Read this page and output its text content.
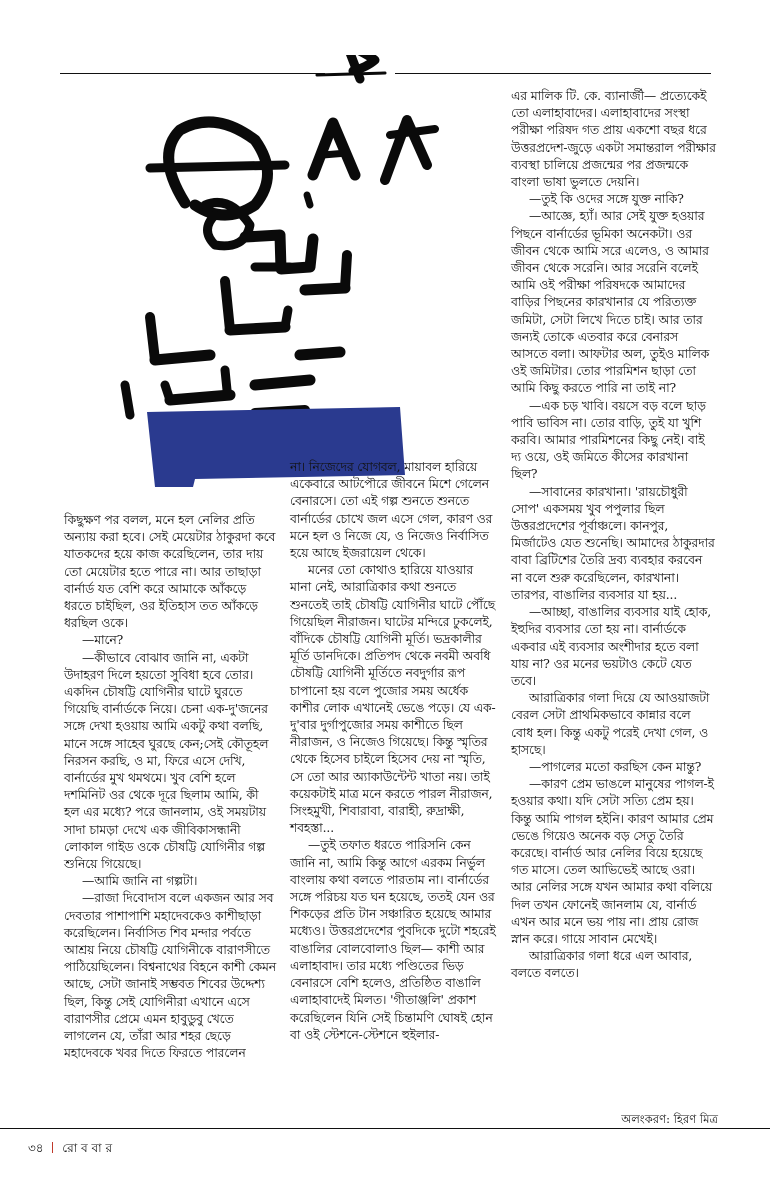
কিছুক্ষণ পর বলল, মনে হল নেলির প্রতি অন্যায় করা হবে। সেই মেয়েটার ঠাকুরদা কবে যাতকদের হয়ে কাজ করেছিলেন, তার দায় তো মেয়েটার হতে পারে না। আর তাছাড়া বার্নার্ড যত বেশি করে আমাকে আঁকড়ে ধরতে চাইছিল, ওর ইতিহাস তত আঁকড়ে ধরছিল ওকে।

—মানে?

—কীভাবে বোঝাব জানি না, একটা উদাহরণ দিলে হয়তো সুবিধা হবে তোর। একদিন চৌষট্টি যোগিনীর ঘাটে ঘুরতে গিয়েছি বার্নার্ডকে নিয়ে। চেনা এক-দু'জনের সঙ্গে দেখা হওয়ায় আমি একটু কথা বলছি, মানে সঙ্গে সাহেব ঘুরছে কেন;সেই কৌতূহল নিরসন করছি, ও মা, ফিরে এসে দেখি, বার্নার্ডের মুখ থমথমে। খুব বেশি হলে দশমিনিট ওর থেকে দূরে ছিলাম আমি, কী হল এর মধ্যে? পরে জানলাম, ওই সময়টায় সাদা চামড়া দেখে এক জীবিকাসন্ধানী লোকাল গাইড ওকে চৌষট্টি যোগিনীর গল্প শুনিয়ে গিয়েছে।

—আমি জানি না গল্পটা।

—রাজা দিবোদাস বলে একজন আর সব দেবতার পাশাপাশি মহাদেবকেও কাশীছাড়া করেছিলেন। নির্বাসিত শিব মন্দার পর্বতে আশ্রয় নিয়ে চৌষট্টি যোগিনীকে বারাণসীতে পাঠিয়েছিলেন। বিশ্বনাথের বিহনে কাশী কেমন আছে, সেটা জানাই সম্ভবত শিবের উদ্দেশ্য ছিল, কিন্তু সেই যোগিনীরা এখানে এসে বারাণসীর প্রেমে এমন হাবুডুবু খেতে লাগলেন যে, তাঁরা আর শহর ছেড়ে মহাদেবকে খবর দিতে ফিরতে পারলেন

না। নিজেদের যোগবল, মায়াবল হারিয়ে একেবারে আটপৌরে জীবনে মিশে গেলেন বেনারসে। তো এই গল্প শুনতে শুনতে বার্নার্ডের চোখে জল এসে গেল, কারণ ওর মনে হল ও নিজে যে, ও নিজেও নির্বাসিত হয়ে আছে ইজরায়েল থেকে।

মনের তো কোথাও হারিয়ে যাওয়ার মানা নেই, আরাত্রিকার কথা শুনতে শুনতেই তাই চৌষট্টি যোগিনীর ঘাটে পৌঁছে গিয়েছিল নীরাজন। ঘাটের মন্দিরে ঢুকলেই, বাঁদিকে চৌষট্টি যোগিনী মূর্তি। ভদ্রকালীর মূর্তি ডানদিকে। প্রতিপদ থেকে নবমী অবধি চৌষট্টি যোগিনী মূর্তিতে নবদুর্গার রূপ চাপানো হয় বলে পুজোর সময় অর্ধেক কাশীর লোক এখানেই ভেঙে পড়ে। যে এক-দু'বার দুর্গাপুজোর সময় কাশীতে ছিল নীরাজন, ও নিজেও গিয়েছে। কিন্তু স্মৃতির থেকে হিসেব চাইলে হিসেব দেয় না স্মৃতি, সে তো আর অ্যাকাউন্টেন্ট খাতা নয়। তাই কয়েকটাই মাত্র মনে করতে পারল নীরাজন, সিংহমুখী, শিবারাবা, বারাহী, রুদ্রাক্ষী, শবহস্তা...

—তুই তফাত ধরতে পারিসনি কেন জানি না, আমি কিন্তু আগে এরকম নির্ভুল বাংলায় কথা বলতে পারতাম না। বার্নার্ডের সঙ্গে পরিচয় যত ঘন হয়েছে, ততই যেন ওর শিকড়ের প্রতি টান সঞ্চারিত হয়েছে আমার মধ্যেও। উত্তরপ্রদেশের পুবদিকে দুটো শহরেই বাঙালির বোলবোলাও ছিল— কাশী আর এলাহাবাদ। তার মধ্যে পণ্ডিতের ভিড় বেনারসে বেশি হলেও, প্রতিষ্ঠিত বাঙালি এলাহাবাদেই মিলত। 'গীতাঞ্জলি' প্রকাশ করেছিলেন যিনি সেই চিন্তামণি ঘোষই হোন বা ওই স্টেশনে-স্টেশনে হুইলার-

এর মালিক টি. কে. ব্যানার্জী— প্রত্যেকেই তো এলাহাবাদের। এলাহাবাদের সংস্থা পরীক্ষা পরিষদ গত প্রায় একশো বছর ধরে উত্তরপ্রদেশ-জুড়ে একটা সমান্তরাল পরীক্ষার ব্যবস্থা চালিয়ে প্রজন্মের পর প্রজন্মকে বাংলা ভাষা ভুলতে দেয়নি।

—তুই কি ওদের সঙ্গে যুক্ত নাকি?

—আজ্ঞে, হ্যাঁ। আর সেই যুক্ত হওয়ার পিছনে বার্নার্ডের ভূমিকা অনেকটা। ওর জীবন থেকে আমি সরে এলেও, ও আমার জীবন থেকে সরেনি। আর সরেনি বলেই আমি ওই পরীক্ষা পরিষদকে আমাদের বাড়ির পিছনের কারখানার যে পরিত্যক্ত জমিটা, সেটা লিখে দিতে চাই। আর তার জন্যই তোকে এতবার করে বেনারস আসতে বলা। আফটার অল, তুইও মালিক ওই জমিটার। তোর পারমিশন ছাড়া তো আমি কিছু করতে পারি না তাই না?

—এক চড় খাবি। বয়সে বড় বলে ছাড় পাবি ভাবিস না। তোর বাড়ি, তুই যা খুশি করবি। আমার পারমিশনের কিছু নেই। বাই দ্য ওয়ে, ওই জমিতে কীসের কারখানা ছিল?

—সাবানের কারখানা। 'রায়চৌধুরী সোপ' একসময় খুব পপুলার ছিল উত্তরপ্রদেশের পূর্বাঞ্চলে। কানপুর, মির্জাটেও যেত শুনেছি। আমাদের ঠাকুরদার বাবা ব্রিটিশের তৈরি দ্রব্য ব্যবহার করবেন না বলে শুরু করেছিলেন, কারখানা। তারপর, বাঙালির ব্যবসার যা হয়...

—আচ্ছা, বাঙালির ব্যবসার যাই হোক, ইহুদির ব্যবসার তো হয় না। বার্নার্ডকে একবার এই ব্যবসার অংশীদার হতে বলা যায় না? ওর মনের ভয়টাও কেটে যেত তবে।

আরাত্রিকার গলা দিয়ে যে আওয়াজটা বেরল সেটা প্রাথমিকভাবে কান্নার বলে বোধ হল। কিন্তু একটু পরেই দেখা গেল, ও হাসছে।

—পাগলের মতো করছিস কেন মান্তু?

—কারণ প্রেম ভাঙলে মানুষের পাগল-ই হওয়ার কথা। যদি সেটা সত্যি প্রেম হয়। কিন্তু আমি পাগল হইনি। কারণ আমার প্রেম ভেঙে গিয়েও অনেক বড় সেতু তৈরি করেছে। বার্নার্ড আর নেলির বিয়ে হয়েছে গত মাসে। তেল আভিভেই আছে ওরা। আর নেলির সঙ্গে যখন আমার কথা বলিয়ে দিল তখন ফোনেই জানলাম যে, বার্নার্ড এখন আর মনে ভয় পায় না। প্রায় রোজ স্নান করে। গায়ে সাবান মেখেই।

আরাত্রিকার গলা ধরে এল আবার, বলতে বলতে।

অলংকরণ: হিরণ মিত্র
৩৪ রো ব বা র
